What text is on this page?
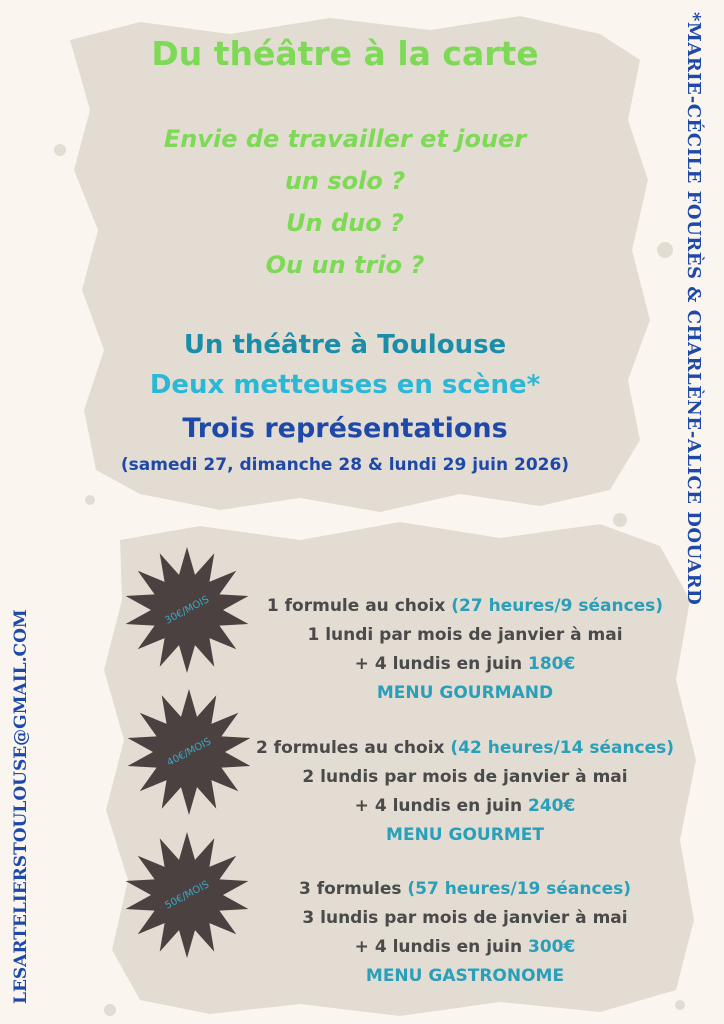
Du théâtre à la carte
Envie de travailler et jouer
un solo ?
Un duo ?
Ou un trio ?
Un théâtre à Toulouse
Deux metteuses en scène*
Trois représentations
(samedi 27, dimanche 28 & lundi 29 juin 2026)	*MARIE-CÉCILE FOURÈS & CHARLÈNE-ALICE DOUARD
LESARTELIERSTOULOUSE@GMAIL.COM	30€/MOIS	1 formule au choix (27 heures/9 séances)
1 lundi par mois de janvier à mai
+ 4 lundis en juin 180€
MENU GOURMAND
40€/MOIS	2 formules au choix (42 heures/14 séances)
2 lundis par mois de janvier à mai
+ 4 lundis en juin 240€
MENU GOURMET
50€/MOIS	3 formules (57 heures/19 séances)
3 lundis par mois de janvier à mai
+ 4 lundis en juin 300€
MENU GASTRONOME
